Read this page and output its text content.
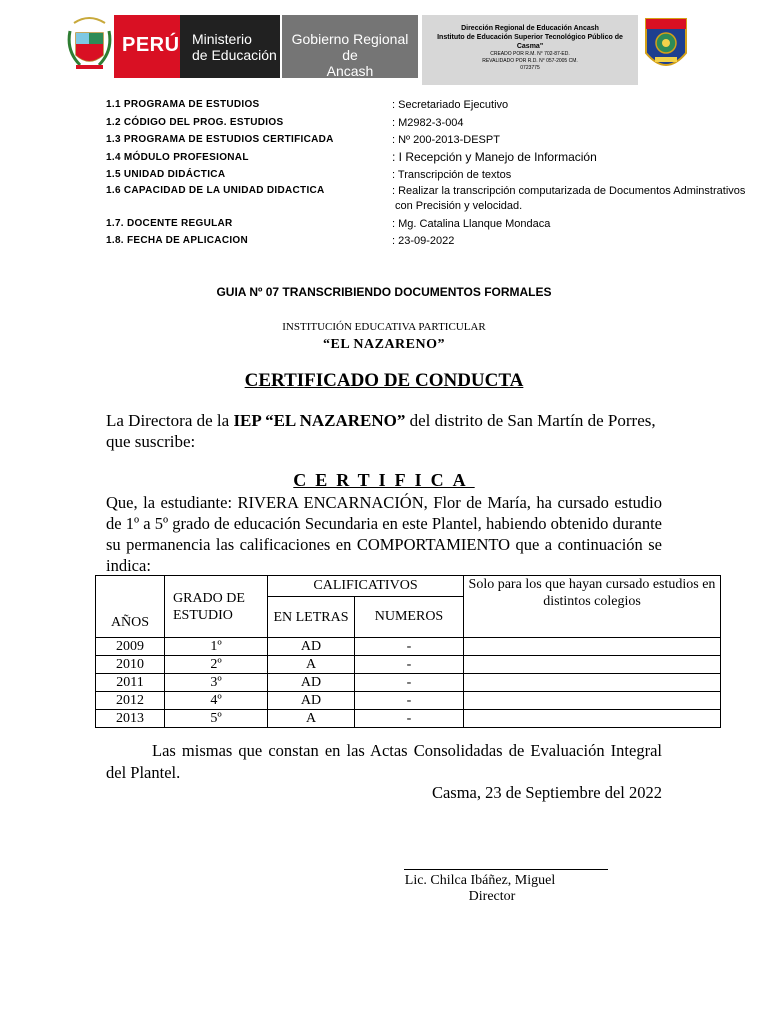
PERÚ Ministerio
de Educación
Gobierno Regional de
Ancash
Dirección Regional de Educación Ancash
Instituto de Educación Superior Tecnológico Público de Casma"
CREADO POR R.M. N° 702-87-ED.
REVALIDADO POR R.D. N° 057-2005 CM.
0723775
1.1 PROGRAMA DE ESTUDIOS	: Secretariado Ejecutivo
1.2 CÓDIGO DEL PROG. ESTUDIOS	: M2982-3-004
1.3 PROGRAMA DE ESTUDIOS CERTIFICADA	: Nº 200-2013-DESPT
1.4 MÓDULO PROFESIONAL	: I Recepción y Manejo de Información
1.5 UNIDAD DIDÁCTICA	: Transcripción de textos
1.6 CAPACIDAD DE LA UNIDAD DIDACTICA	: Realizar la transcripción computarizada de Documentos Adminstrativos
con Precisión y velocidad.
1.7. DOCENTE REGULAR	: Mg. Catalina Llanque Mondaca
1.8. FECHA DE APLICACION	: 23-09-2022
GUIA Nº 07 TRANSCRIBIENDO DOCUMENTOS FORMALES
INSTITUCIÓN EDUCATIVA PARTICULAR
“EL NAZARENO”
CERTIFICADO DE CONDUCTA
La Directora de la IEP “EL NAZARENO” del distrito de San Martín de Porres, que suscribe:
CERTIFICA
Que, la estudiante: RIVERA ENCARNACIÓN, Flor de María, ha cursado estudio de 1º a 5º grado de educación Secundaria en este Plantel, habiendo obtenido durante su permanencia las calificaciones en COMPORTAMIENTO que a continuación se indica:
AÑOS	GRADO DE ESTUDIO	CALIFICATIVOS		Solo para los que hayan cursado estudios en distintos colegios
		EN LETRAS	NUMEROS	
2009	1º	AD	-	
2010	2º	A	-	
2011	3º	AD	-	
2012	4º	AD	-	
2013	5º	A	-	
Las mismas que constan en las Actas Consolidadas de Evaluación Integral del Plantel.
Casma, 23 de Septiembre del 2022
Lic. Chilca Ibáñez, Miguel
Director
